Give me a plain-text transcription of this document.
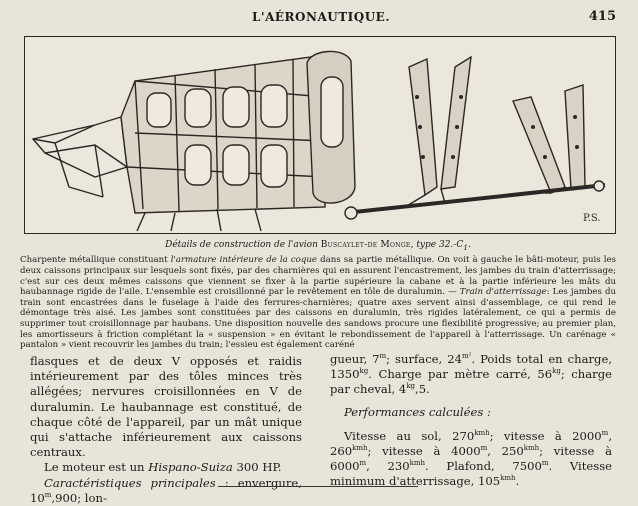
L'AÉRONAUTIQUE.	415
P.S.
Détails de construction de l'avion Buscaylet-de Monge, type $32.-C_1$.
Charpente métallique constituant l'armature intérieure de la coque dans sa partie métallique. On voit à gauche le bâti-moteur, puis les deux caissons principaux sur lesquels sont fixés, par des charnières qui en assurent l'encastrement, les jambes du train d'atterrissage; c'est sur ces deux mêmes caissons que viennent se fixer à la partie supérieure la cabane et à la partie inférieure les mâts du haubannage rigide de l'aile. L'ensemble est croisillonné par le revêtement en tôle de duralumin. — Train d'atterrissage: Les jambes du train sont encastrées dans le fuselage à l'aide des ferrures-charnières; quatre axes servent ainsi d'assemblage, ce qui rend le démontage très aisé. Les jambes sont constituées par des caissons en duralumin, très rigides latéralement, ce qui a permis de supprimer tout croisillonnage par haubans. Une disposition nouvelle des sandows procure une flexibilité progressive; au premier plan, les amortisseurs à friction complétant la « suspension » en évitant le rebondissement de l'appareil à l'atterrissage. Un carénage « pantalon » vient recouvrir les jambes du train; l'essieu est également caréné

flasques et de deux V opposés et raidis intérieurement par des tôles minces très allégées; nervures croisillonnées en V de duralumin. Le haubannage est constitué, de chaque côté de l'appareil, par un mât unique qui s'attache inférieurement aux caissons centraux.

Le moteur est un Hispano-Suiza 300 HP.

Caractéristiques principales : envergure, 10$^m$,900; lon-

gueur, 7$^m$; surface, $24^{m^2}$. Poids total en charge, $1350^{kg}$. Charge par mètre carré, $56^{kg}$; charge par cheval, $4^{kg},5$.

Performances calculées :

Vitesse au sol, $270^{kmh}$; vitesse à 2000$^m$, $260^{kmh}$; vitesse à 4000$^m$, $250^{kmh}$; vitesse à 6000$^m$, $230^{kmh}$. Plafond, 7500$^m$. Vitesse minimum d'atterrissage, $105^{kmh}$.
